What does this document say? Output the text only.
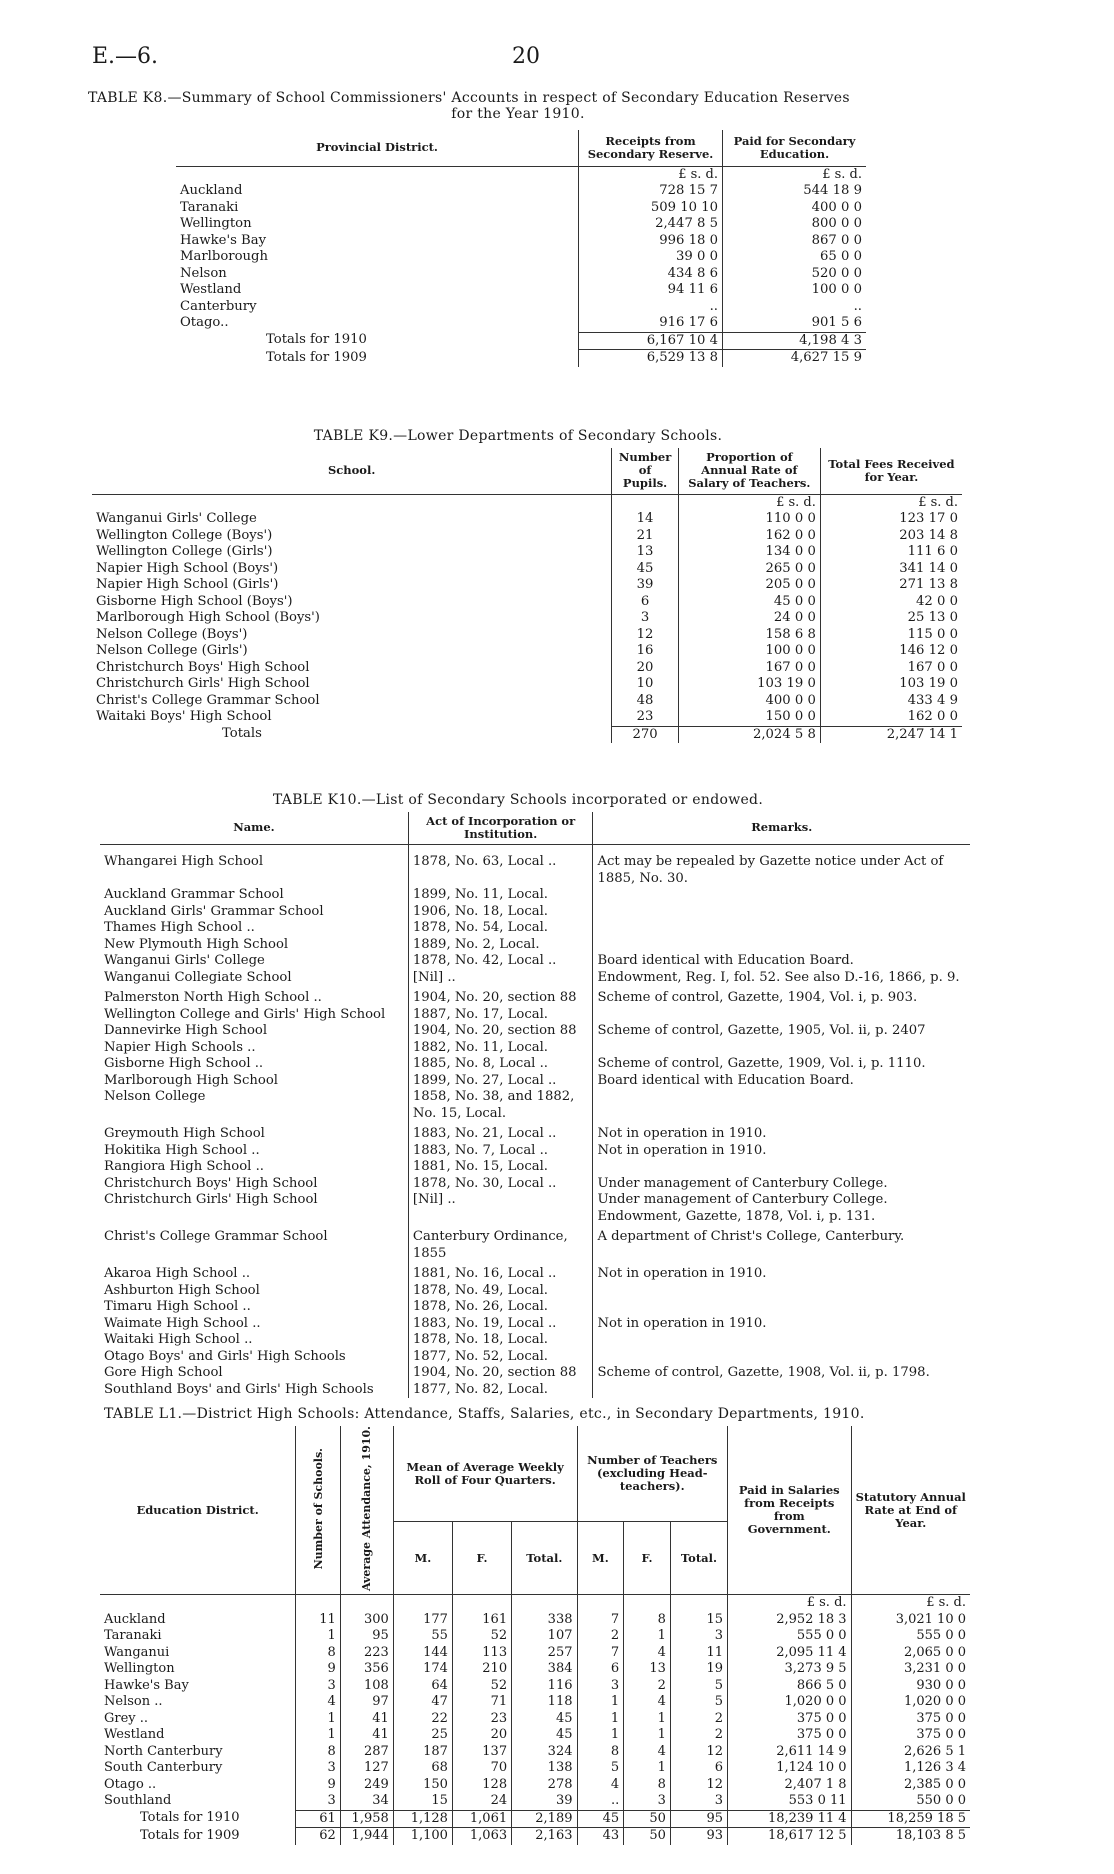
E.—6.	20
TABLE K8.—Summary of School Commissioners' Accounts in respect of Secondary Education Reserves
for the Year 1910.
Provincial District.	Receipts from Secondary Reserve.	Paid for Secondary Education.
	£ s. d.	£ s. d.
Auckland	728 15 7	544 18 9
Taranaki	509 10 10	400 0 0
Wellington	2,447 8 5	800 0 0
Hawke's Bay	996 18 0	867 0 0
Marlborough	39 0 0	65 0 0
Nelson	434 8 6	520 0 0
Westland	94 11 6	100 0 0
Canterbury	..	..
Otago..	916 17 6	901 5 6
Totals for 1910	6,167 10 4	4,198 4 3
Totals for 1909	6,529 13 8	4,627 15 9
TABLE K9.—Lower Departments of Secondary Schools.
School.	Number of Pupils.	Proportion of Annual Rate of Salary of Teachers.	Total Fees Received for Year.
		£ s. d.	£ s. d.
Wanganui Girls' College	14	110 0 0	123 17 0
Wellington College (Boys')	21	162 0 0	203 14 8
Wellington College (Girls')	13	134 0 0	111 6 0
Napier High School (Boys')	45	265 0 0	341 14 0
Napier High School (Girls')	39	205 0 0	271 13 8
Gisborne High School (Boys')	6	45 0 0	42 0 0
Marlborough High School (Boys')	3	24 0 0	25 13 0
Nelson College (Boys')	12	158 6 8	115 0 0
Nelson College (Girls')	16	100 0 0	146 12 0
Christchurch Boys' High School	20	167 0 0	167 0 0
Christchurch Girls' High School	10	103 19 0	103 19 0
Christ's College Grammar School	48	400 0 0	433 4 9
Waitaki Boys' High School	23	150 0 0	162 0 0
Totals	270	2,024 5 8	2,247 14 1
TABLE K10.—List of Secondary Schools incorporated or endowed.
Name.	Act of Incorporation or Institution.	Remarks.

Whangarei High School	1878, No. 63, Local ..	Act may be repealed by Gazette notice under Act of 1885, No. 30.
Auckland Grammar School	1899, No. 11, Local.	
Auckland Girls' Grammar School	1906, No. 18, Local.	
Thames High School ..	1878, No. 54, Local.	
New Plymouth High School	1889, No. 2, Local.	
Wanganui Girls' College	1878, No. 42, Local ..	Board identical with Education Board.
Wanganui Collegiate School	[Nil] ..	Endowment, Reg. I, fol. 52. See also D.-16, 1866, p. 9.
Palmerston North High School ..	1904, No. 20, section 88	Scheme of control, Gazette, 1904, Vol. i, p. 903.
Wellington College and Girls' High School	1887, No. 17, Local.	
Dannevirke High School	1904, No. 20, section 88	Scheme of control, Gazette, 1905, Vol. ii, p. 2407
Napier High Schools ..	1882, No. 11, Local.	
Gisborne High School ..	1885, No. 8, Local ..	Scheme of control, Gazette, 1909, Vol. i, p. 1110.
Marlborough High School	1899, No. 27, Local ..	Board identical with Education Board.
Nelson College	1858, No. 38, and 1882, No. 15, Local.	
Greymouth High School	1883, No. 21, Local ..	Not in operation in 1910.
Hokitika High School ..	1883, No. 7, Local ..	Not in operation in 1910.
Rangiora High School ..	1881, No. 15, Local.	
Christchurch Boys' High School	1878, No. 30, Local ..	Under management of Canterbury College.
Christchurch Girls' High School	[Nil] ..	Under management of Canterbury College. Endowment, Gazette, 1878, Vol. i, p. 131.
Christ's College Grammar School	Canterbury Ordinance, 1855	A department of Christ's College, Canterbury.
Akaroa High School ..	1881, No. 16, Local ..	Not in operation in 1910.
Ashburton High School	1878, No. 49, Local.	
Timaru High School ..	1878, No. 26, Local.	
Waimate High School ..	1883, No. 19, Local ..	Not in operation in 1910.
Waitaki High School ..	1878, No. 18, Local.	
Otago Boys' and Girls' High Schools	1877, No. 52, Local.	
Gore High School	1904, No. 20, section 88	Scheme of control, Gazette, 1908, Vol. ii, p. 1798.
Southland Boys' and Girls' High Schools	1877, No. 82, Local.	
TABLE L1.—District High Schools: Attendance, Staffs, Salaries, etc., in Secondary Departments, 1910.
Education District.	Number of Schools.	Average Attendance, 1910.	Mean of Average Weekly Roll of Four Quarters.			Number of Teachers (excluding Head-teachers).			Paid in Salaries from Receipts from Government.	Statutory Annual Rate at End of Year.
			M.	F.	Total.	M.	F.	Total.		
									£ s. d.	£ s. d.
Auckland	11	300	177	161	338	7	8	15	2,952 18 3	3,021 10 0
Taranaki	1	95	55	52	107	2	1	3	555 0 0	555 0 0
Wanganui	8	223	144	113	257	7	4	11	2,095 11 4	2,065 0 0
Wellington	9	356	174	210	384	6	13	19	3,273 9 5	3,231 0 0
Hawke's Bay	3	108	64	52	116	3	2	5	866 5 0	930 0 0
Nelson ..	4	97	47	71	118	1	4	5	1,020 0 0	1,020 0 0
Grey ..	1	41	22	23	45	1	1	2	375 0 0	375 0 0
Westland	1	41	25	20	45	1	1	2	375 0 0	375 0 0
North Canterbury	8	287	187	137	324	8	4	12	2,611 14 9	2,626 5 1
South Canterbury	3	127	68	70	138	5	1	6	1,124 10 0	1,126 3 4
Otago ..	9	249	150	128	278	4	8	12	2,407 1 8	2,385 0 0
Southland	3	34	15	24	39	..	3	3	553 0 11	550 0 0
Totals for 1910	61	1,958	1,128	1,061	2,189	45	50	95	18,239 11 4	18,259 18 5
Totals for 1909	62	1,944	1,100	1,063	2,163	43	50	93	18,617 12 5	18,103 8 5
